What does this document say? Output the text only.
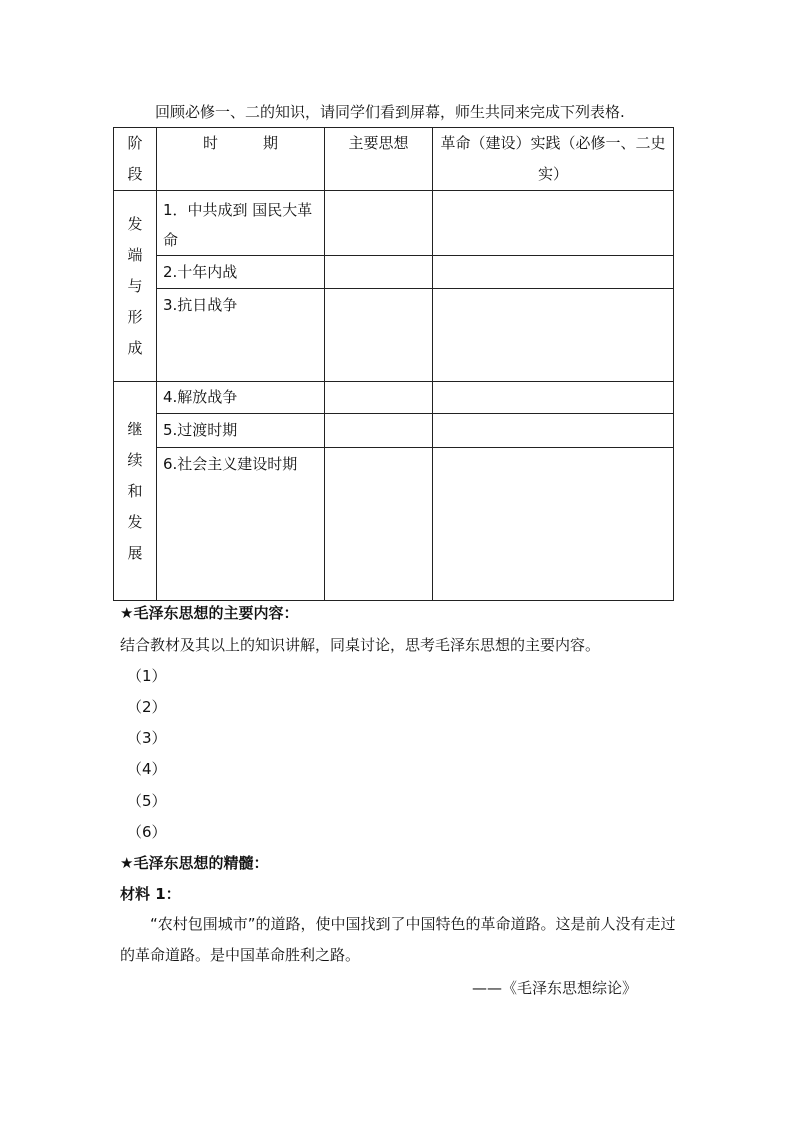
回顾必修一、二的知识，请同学们看到屏幕，师生共同来完成下列表格.
阶
段	时　　　期	主要思想	革命（建设）实践（必修一、二史实）

发
端
与
形
成	1．中共成到 国民大革命		
	2.十年内战		
	3.抗日战争		

继
续
和
发
展	4.解放战争		
	5.过渡时期		
	6.社会主义建设时期		
★毛泽东思想的主要内容：
结合教材及其以上的知识讲解，同桌讨论，思考毛泽东思想的主要内容。
（1）
（2）
（3）
（4）
（5）
（6）
★毛泽东思想的精髓：
材料 1：
“农村包围城市”的道路，使中国找到了中国特色的革命道路。这是前人没有走过的革命道路。是中国革命胜利之路。
——《毛泽东思想综论》
